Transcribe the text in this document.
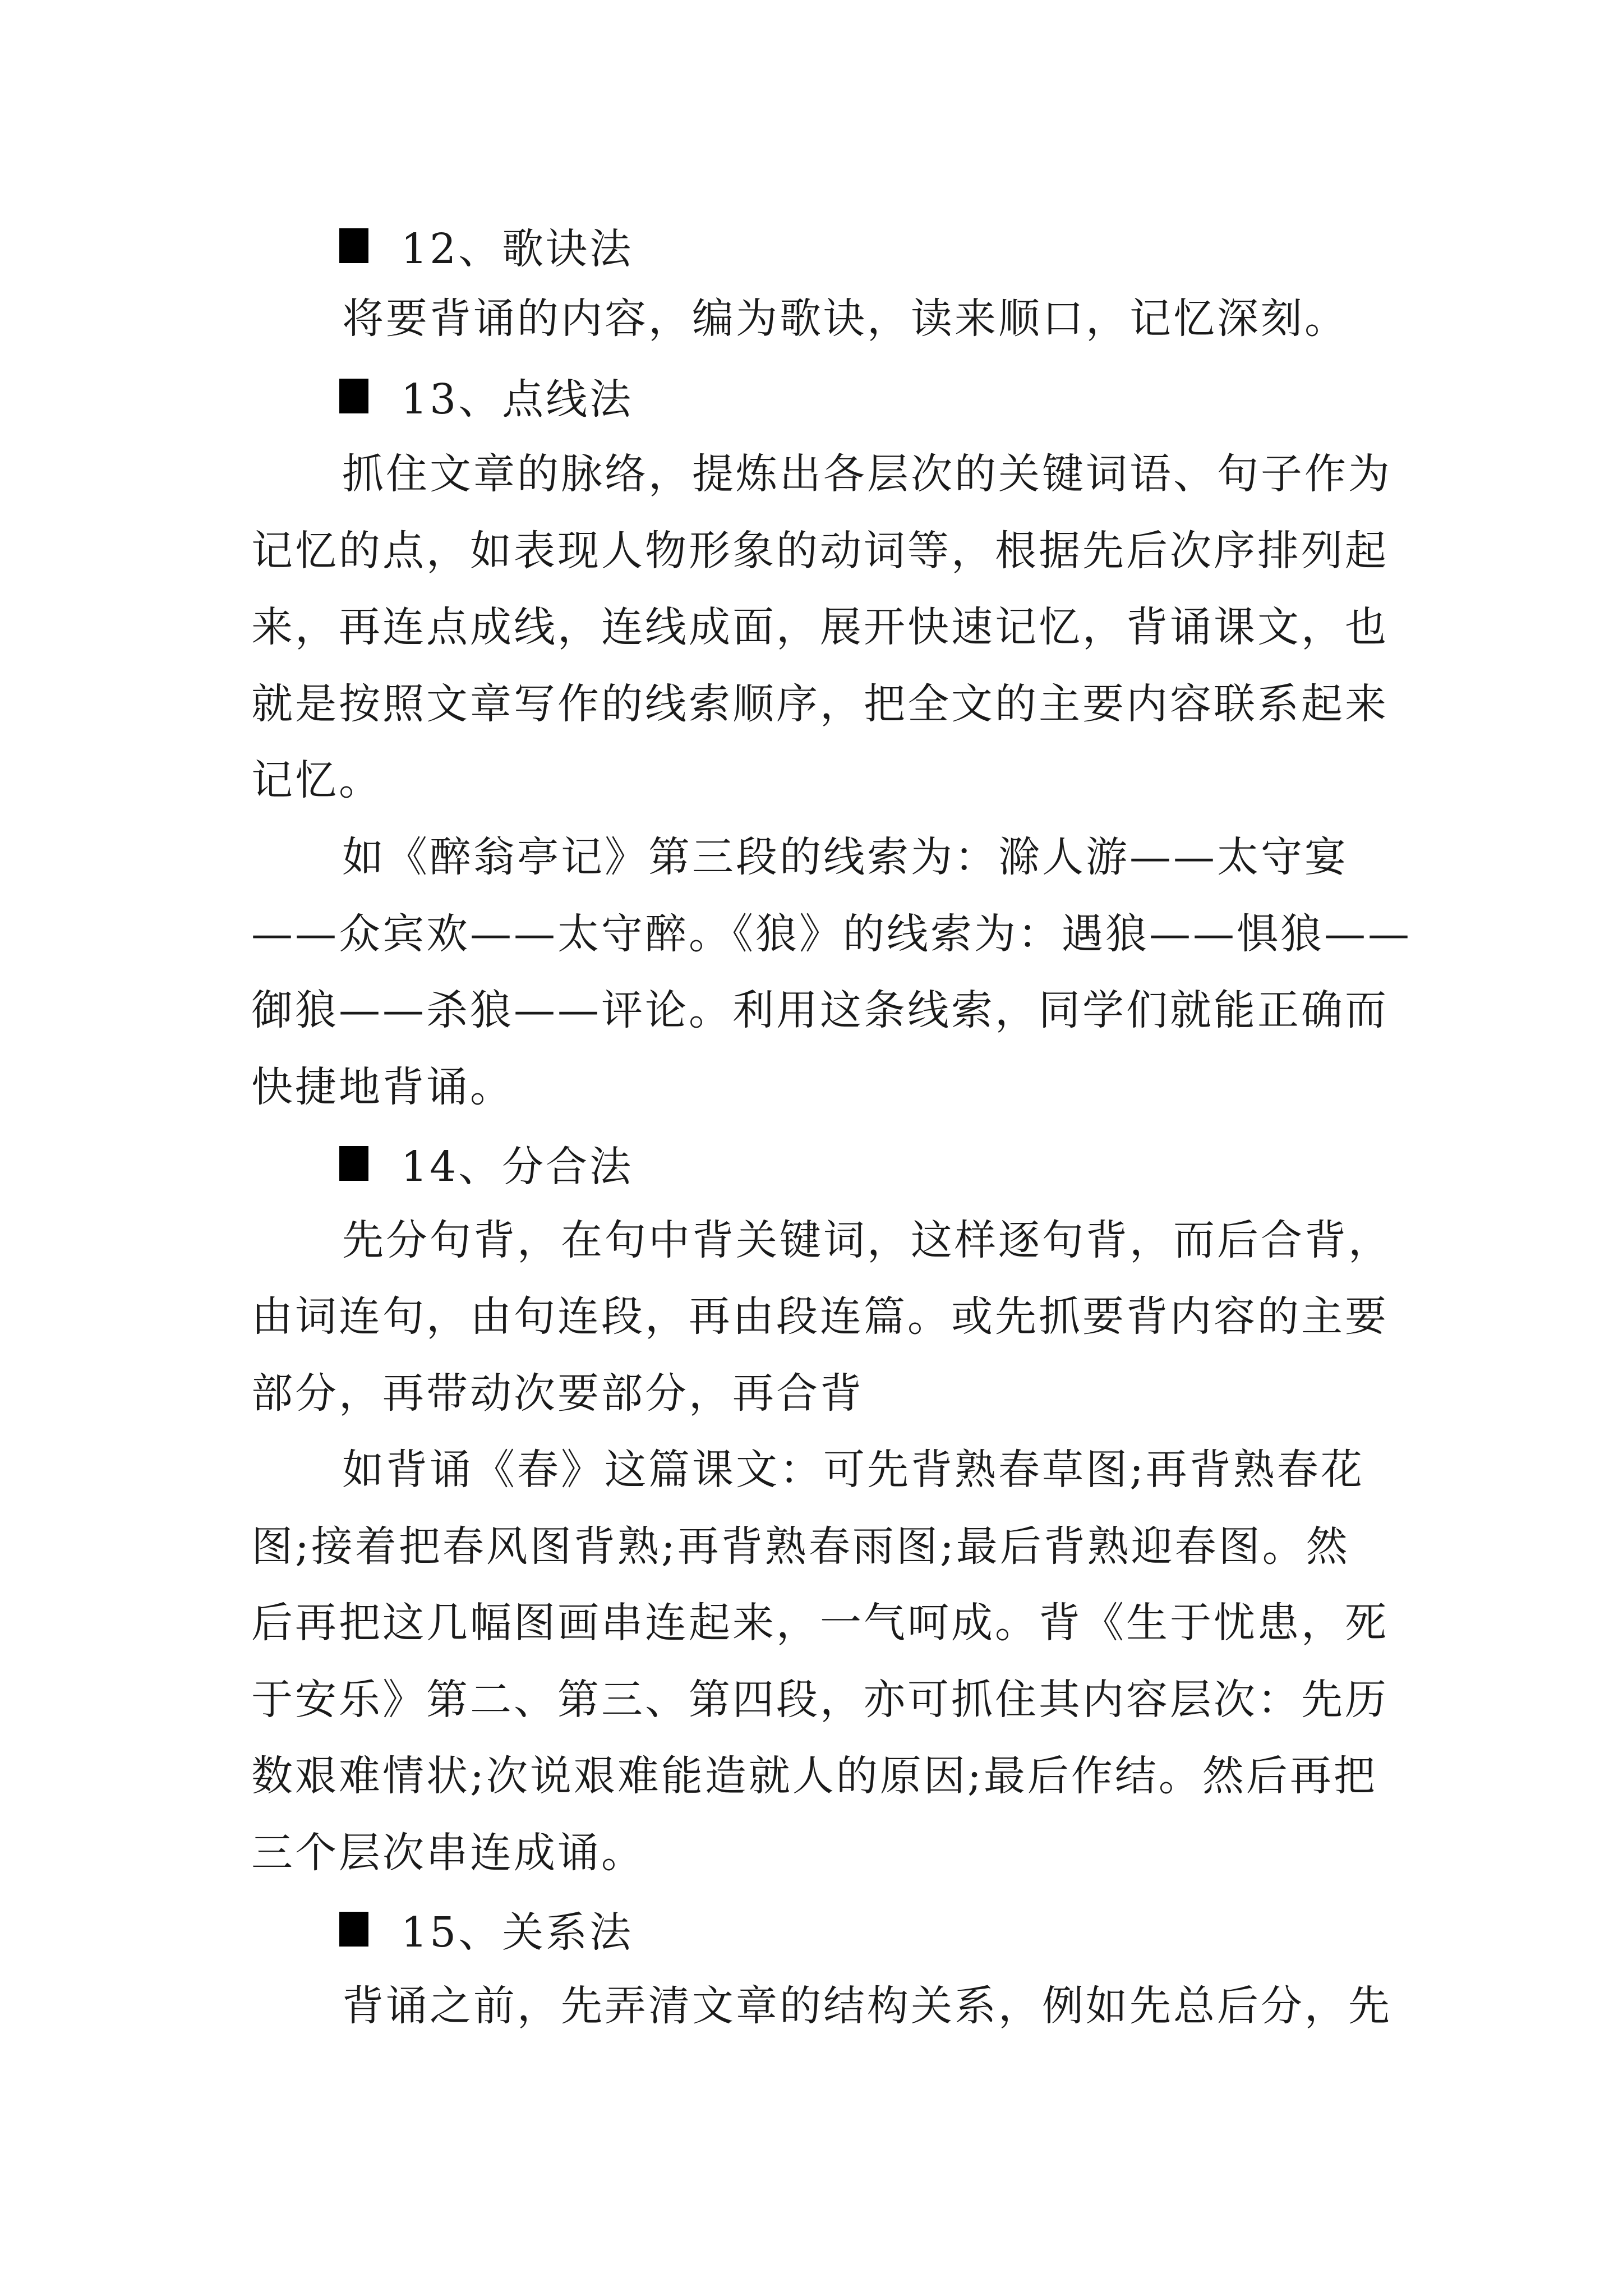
12、歌诀法
将要背诵的内容，编为歌诀，读来顺口，记忆深刻。
13、点线法
抓住文章的脉络，提炼出各层次的关键词语、句子作为
记忆的点，如表现人物形象的动词等，根据先后次序排列起
来，再连点成线，连线成面，展开快速记忆，背诵课文，也
就是按照文章写作的线索顺序，把全文的主要内容联系起来
记忆。
如《醉翁亭记》第三段的线索为：滁人游——太守宴
——众宾欢——太守醉。《狼》的线索为：遇狼——惧狼——
御狼——杀狼——评论。利用这条线索，同学们就能正确而
快捷地背诵。
14、分合法
先分句背，在句中背关键词，这样逐句背，而后合背，
由词连句，由句连段，再由段连篇。或先抓要背内容的主要
部分，再带动次要部分，再合背
如背诵《春》这篇课文：可先背熟春草图;再背熟春花
图;接着把春风图背熟;再背熟春雨图;最后背熟迎春图。然
后再把这几幅图画串连起来，一气呵成。背《生于忧患，死
于安乐》第二、第三、第四段，亦可抓住其内容层次：先历
数艰难情状;次说艰难能造就人的原因;最后作结。然后再把
三个层次串连成诵。
15、关系法
背诵之前，先弄清文章的结构关系，例如先总后分，先
